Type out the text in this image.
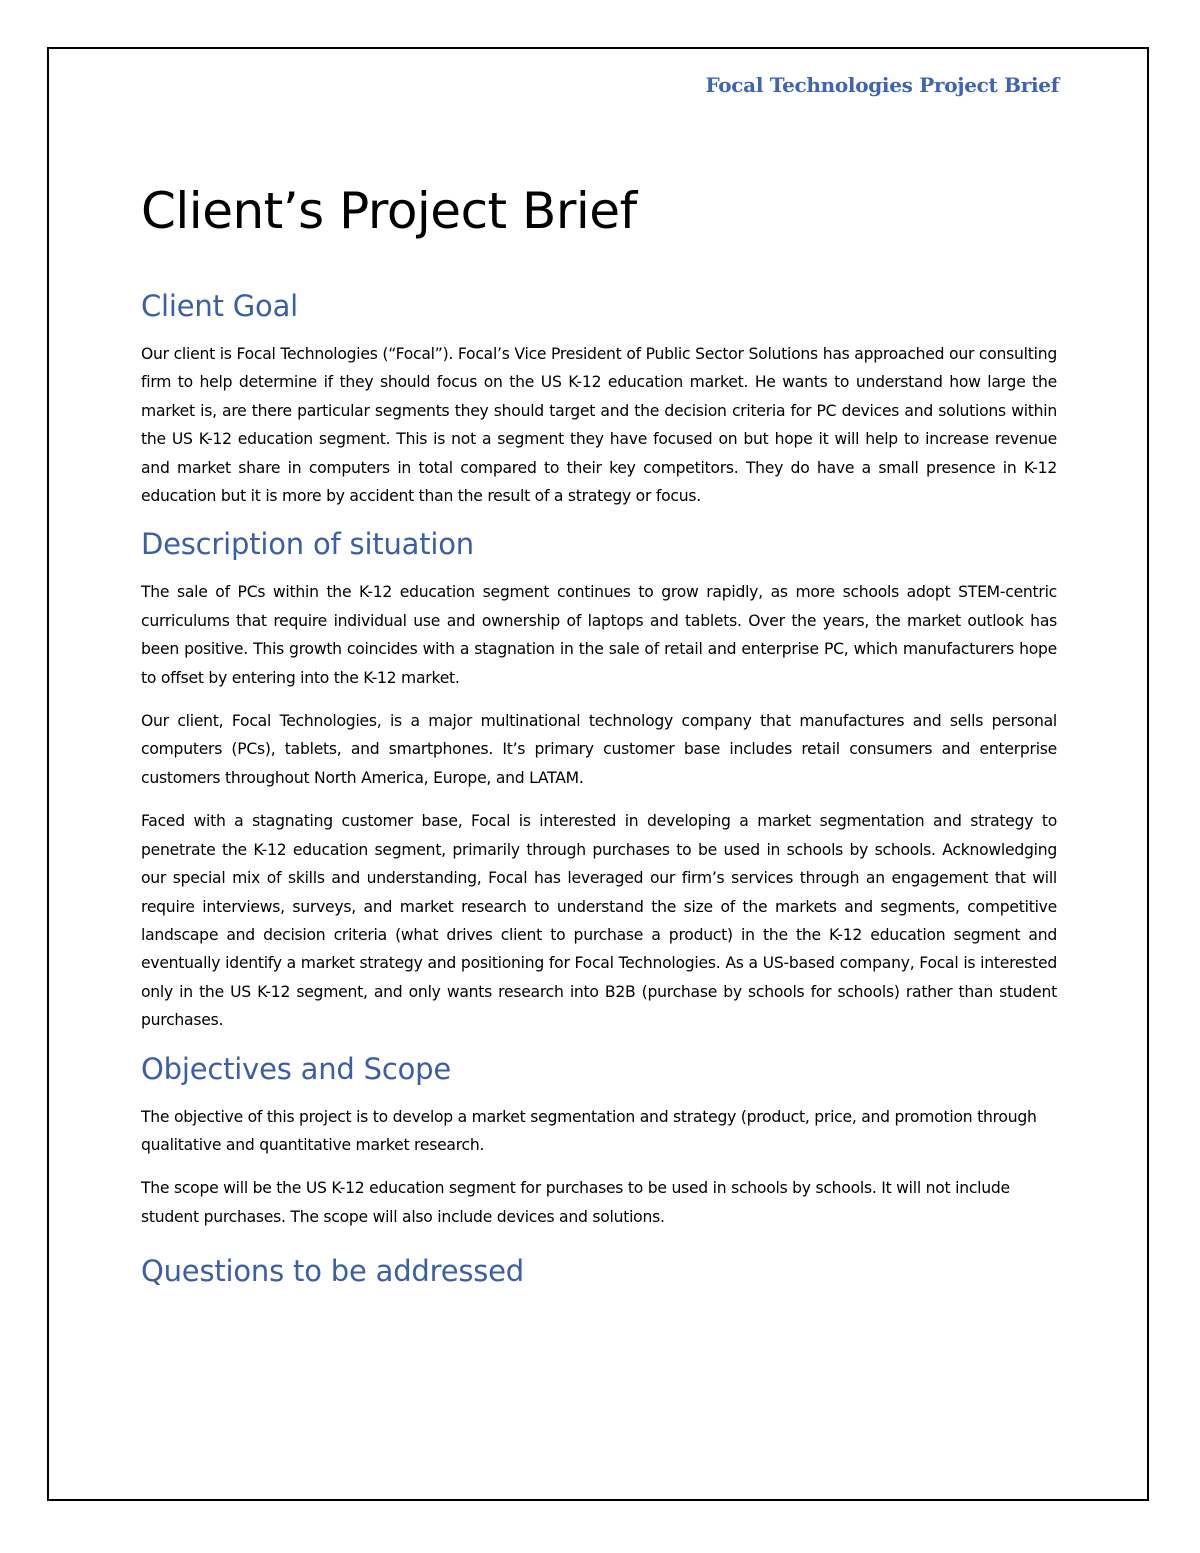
Focal Technologies Project Brief
Client’s Project Brief
Client Goal

Our client is Focal Technologies (“Focal”). Focal’s Vice President of Public Sector Solutions has approached our consulting firm to help determine if they should focus on the US K-12 education market. He wants to understand how large the market is, are there particular segments they should target and the decision criteria for PC devices and solutions within the US K-12 education segment. This is not a segment they have focused on but hope it will help to increase revenue and market share in computers in total compared to their key competitors. They do have a small presence in K-12 education but it is more by accident than the result of a strategy or focus.

Description of situation

The sale of PCs within the K-12 education segment continues to grow rapidly, as more schools adopt STEM-centric curriculums that require individual use and ownership of laptops and tablets. Over the years, the market outlook has been positive. This growth coincides with a stagnation in the sale of retail and enterprise PC, which manufacturers hope to offset by entering into the K-12 market.

Our client, Focal Technologies, is a major multinational technology company that manufactures and sells personal computers (PCs), tablets, and smartphones. It’s primary customer base includes retail consumers and enterprise customers throughout North America, Europe, and LATAM.

Faced with a stagnating customer base, Focal is interested in developing a market segmentation and strategy to penetrate the K-12 education segment, primarily through purchases to be used in schools by schools. Acknowledging our special mix of skills and understanding, Focal has leveraged our firm’s services through an engagement that will require interviews, surveys, and market research to understand the size of the markets and segments, competitive landscape and decision criteria (what drives client to purchase a product) in the the K-12 education segment and eventually identify a market strategy and positioning for Focal Technologies. As a US-based company, Focal is interested only in the US K-12 segment, and only wants research into B2B (purchase by schools for schools) rather than student purchases.

Objectives and Scope

The objective of this project is to develop a market segmentation and strategy (product, price, and promotion through qualitative and quantitative market research.

The scope will be the US K-12 education segment for purchases to be used in schools by schools. It will not include student purchases. The scope will also include devices and solutions.

Questions to be addressed
